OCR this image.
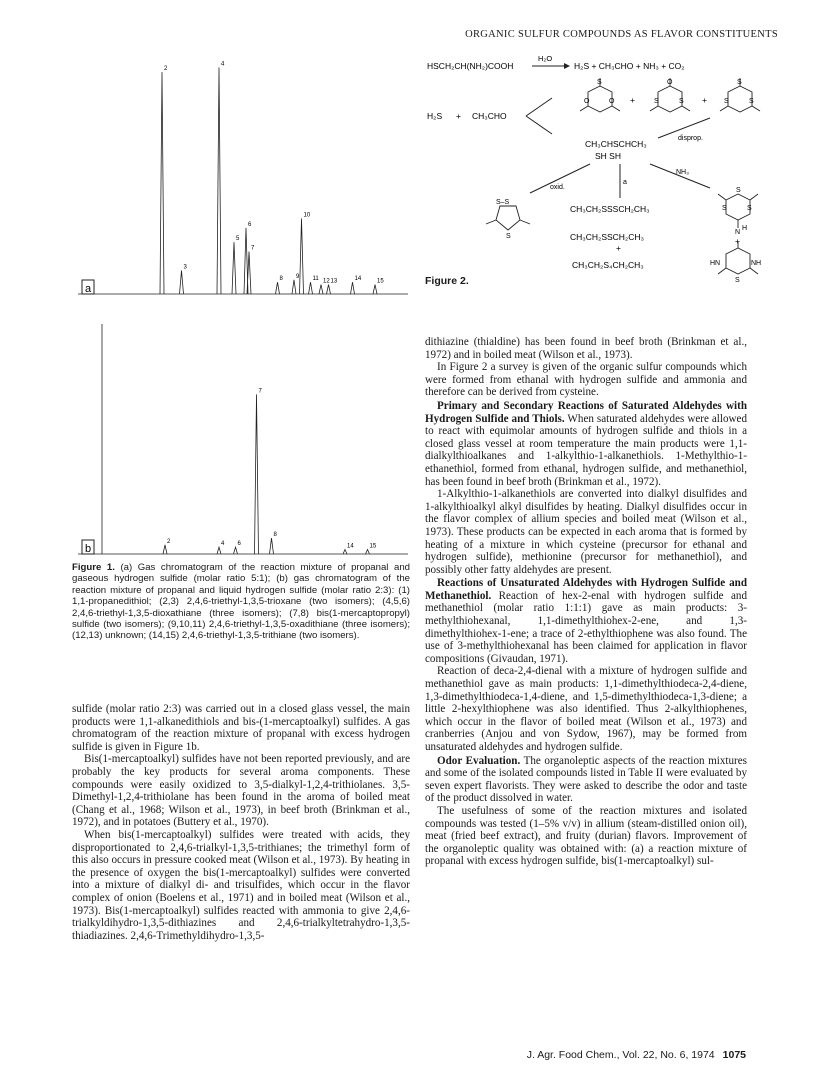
ORGANIC SULFUR COMPOUNDS AS FLAVOR CONSTITUENTS
a
2
3
4
5
6
7
8 9
10
11 12 13	14	15
b
2	4 6
7
8
14	15
Figure 1. (a) Gas chromatogram of the reaction mixture of propanal and gaseous hydrogen sulfide (molar ratio 5:1); (b) gas chromatogram of the reaction mixture of propanal and liquid hydrogen sulfide (molar ratio 2:3): (1) 1,1-propanedithiol; (2,3) 2,4,6-triethyl-1,3,5-trioxane (two isomers); (4,5,6) 2,4,6-triethyl-1,3,5-dioxathiane (three isomers); (7,8) bis(1-mercaptopropyl) sulfide (two isomers); (9,10,11) 2,4,6-triethyl-1,3,5-oxadithiane (three isomers); (12,13) unknown; (14,15) 2,4,6-triethyl-1,3,5-trithiane (two isomers).
HSCH₂CH(NH₂)COOH
H₂O
H₂S + CH₃CHO + NH₃ + CO₂
H₂S + CH₃CHO
S
O
O	+
O
S
S	+
S
S
S
CH₃CHSCHCH₃
SH SH
disprop.
oxid.
a
NH₃
S–S
S
CH₃CH₂SSSCH₂CH₃
CH₃CH₂SSCH₂CH₃
+
CH₃CH₂S₄CH₂CH₃
S	S
S
H
N
+
HN	NH
S
Figure 2.

sulfide (molar ratio 2:3) was carried out in a closed glass vessel, the main products were 1,1-alkanedithiols and bis-(1-mercaptoalkyl) sulfides. A gas chromatogram of the reaction mixture of propanal with excess hydrogen sulfide is given in Figure 1b.

Bis(1-mercaptoalkyl) sulfides have not been reported previously, and are probably the key products for several aroma components. These compounds were easily oxidized to 3,5-dialkyl-1,2,4-trithiolanes. 3,5-Dimethyl-1,2,4-trithiolane has been found in the aroma of boiled meat (Chang et al., 1968; Wilson et al., 1973), in beef broth (Brinkman et al., 1972), and in potatoes (Buttery et al., 1970).

When bis(1-mercaptoalkyl) sulfides were treated with acids, they disproportionated to 2,4,6-trialkyl-1,3,5-trithianes; the trimethyl form of this also occurs in pressure cooked meat (Wilson et al., 1973). By heating in the presence of oxygen the bis(1-mercaptoalkyl) sulfides were converted into a mixture of dialkyl di- and trisulfides, which occur in the flavor complex of onion (Boelens et al., 1971) and in boiled meat (Wilson et al., 1973). Bis(1-mercaptoalkyl) sulfides reacted with ammonia to give 2,4,6-trialkyldihydro-1,3,5-dithiazines and 2,4,6-trialkyltetrahydro-1,3,5-thiadiazines. 2,4,6-Trimethyldihydro-1,3,5-

dithiazine (thialdine) has been found in beef broth (Brinkman et al., 1972) and in boiled meat (Wilson et al., 1973).

In Figure 2 a survey is given of the organic sulfur compounds which were formed from ethanal with hydrogen sulfide and ammonia and therefore can be derived from cysteine.

Primary and Secondary Reactions of Saturated Aldehydes with Hydrogen Sulfide and Thiols. When saturated aldehydes were allowed to react with equimolar amounts of hydrogen sulfide and thiols in a closed glass vessel at room temperature the main products were 1,1-dialkylthioalkanes and 1-alkylthio-1-alkanethiols. 1-Methylthio-1-ethanethiol, formed from ethanal, hydrogen sulfide, and methanethiol, has been found in beef broth (Brinkman et al., 1972).

1-Alkylthio-1-alkanethiols are converted into dialkyl disulfides and 1-alkylthioalkyl alkyl disulfides by heating. Dialkyl disulfides occur in the flavor complex of allium species and boiled meat (Wilson et al., 1973). These products can be expected in each aroma that is formed by heating of a mixture in which cysteine (precursor for ethanal and hydrogen sulfide), methionine (precursor for methanethiol), and possibly other fatty aldehydes are present.

Reactions of Unsaturated Aldehydes with Hydrogen Sulfide and Methanethiol. Reaction of hex-2-enal with hydrogen sulfide and methanethiol (molar ratio 1:1:1) gave as main products: 3-methylthiohexanal, 1,1-dimethylthiohex-2-ene, and 1,3-dimethylthiohex-1-ene; a trace of 2-ethylthiophene was also found. The use of 3-methylthiohexanal has been claimed for application in flavor compositions (Givaudan, 1971).

Reaction of deca-2,4-dienal with a mixture of hydrogen sulfide and methanethiol gave as main products: 1,1-dimethylthiodeca-2,4-diene, 1,3-dimethylthiodeca-1,4-diene, and 1,5-dimethylthiodeca-1,3-diene; a little 2-hexylthiophene was also identified. Thus 2-alkylthiophenes, which occur in the flavor of boiled meat (Wilson et al., 1973) and cranberries (Anjou and von Sydow, 1967), may be formed from unsaturated aldehydes and hydrogen sulfide.

Odor Evaluation. The organoleptic aspects of the reaction mixtures and some of the isolated compounds listed in Table II were evaluated by seven expert flavorists. They were asked to describe the odor and taste of the product dissolved in water.

The usefulness of some of the reaction mixtures and isolated compounds was tested (1–5% v/v) in allium (steam-distilled onion oil), meat (fried beef extract), and fruity (durian) flavors. Improvement of the organoleptic quality was obtained with: (a) a reaction mixture of propanal with excess hydrogen sulfide, bis(1-mercaptoalkyl) sul-

J. Agr. Food Chem., Vol. 22, No. 6, 1974 1075
